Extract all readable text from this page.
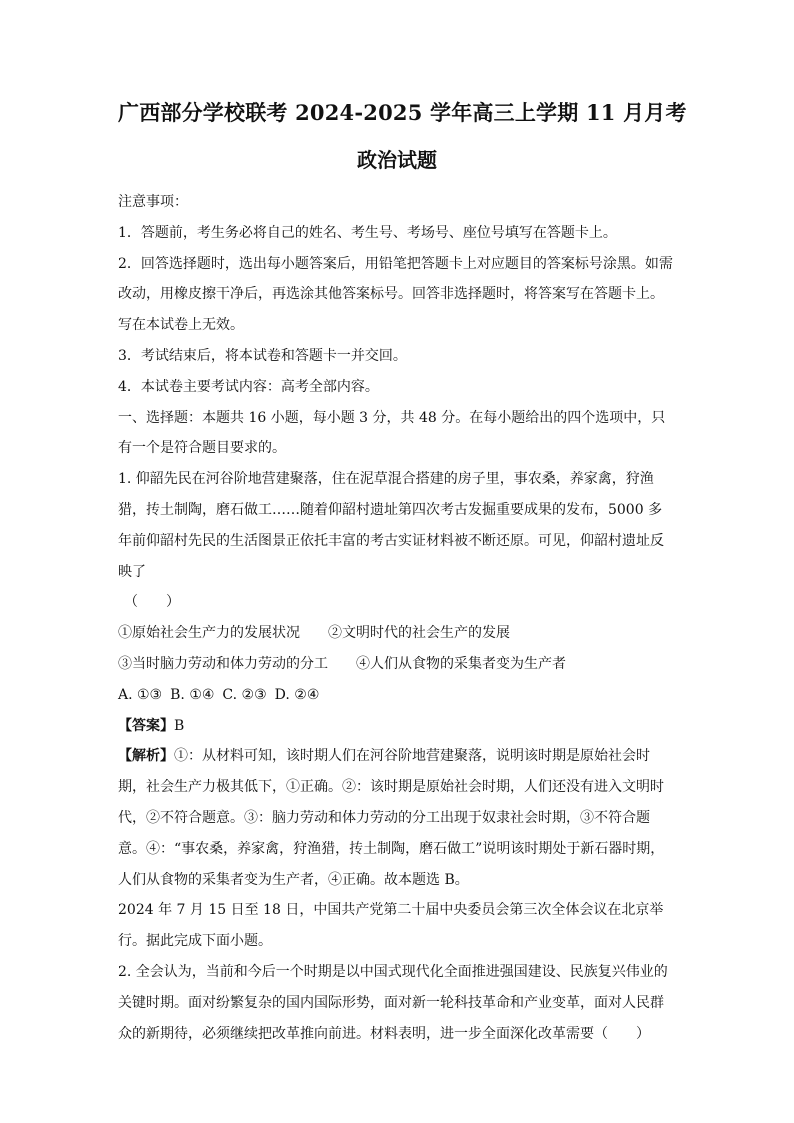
广西部分学校联考 2024-2025 学年高三上学期 11 月月考
政治试题
注意事项：
1．答题前，考生务必将自己的姓名、考生号、考场号、座位号填写在答题卡上。
2．回答选择题时，选出每小题答案后，用铅笔把答题卡上对应题目的答案标号涂黑。如需改动，用橡皮擦干净后，再选涂其他答案标号。回答非选择题时，将答案写在答题卡上。写在本试卷上无效。
3．考试结束后，将本试卷和答题卡一并交回。
4．本试卷主要考试内容：高考全部内容。
一、选择题：本题共 16 小题，每小题 3 分，共 48 分。在每小题给出的四个选项中，只有一个是符合题目要求的。
1. 仰韶先民在河谷阶地营建聚落，住在泥草混合搭建的房子里，事农桑，养家禽，狩渔猎，抟土制陶，磨石做工……随着仰韶村遗址第四次考古发掘重要成果的发布，5000 多年前仰韶村先民的生活图景正依托丰富的考古实证材料被不断还原。可见，仰韶村遗址反映了
（　　）
①原始社会生产力的发展状况 ②文明时代的社会生产的发展
③当时脑力劳动和体力劳动的分工 ④人们从食物的采集者变为生产者
A. ①③ B. ①④ C. ②③ D. ②④
【答案】B
【解析】①：从材料可知，该时期人们在河谷阶地营建聚落，说明该时期是原始社会时期，社会生产力极其低下，①正确。②：该时期是原始社会时期，人们还没有进入文明时代，②不符合题意。③：脑力劳动和体力劳动的分工出现于奴隶社会时期，③不符合题意。④：“事农桑，养家禽，狩渔猎，抟土制陶，磨石做工”说明该时期处于新石器时期，人们从食物的采集者变为生产者，④正确。故本题选 B。
2024 年 7 月 15 日至 18 日，中国共产党第二十届中央委员会第三次全体会议在北京举行。据此完成下面小题。
2. 全会认为，当前和今后一个时期是以中国式现代化全面推进强国建设、民族复兴伟业的关键时期。面对纷繁复杂的国内国际形势，面对新一轮科技革命和产业变革，面对人民群众的新期待，必须继续把改革推向前进。材料表明，进一步全面深化改革需要（　　）
